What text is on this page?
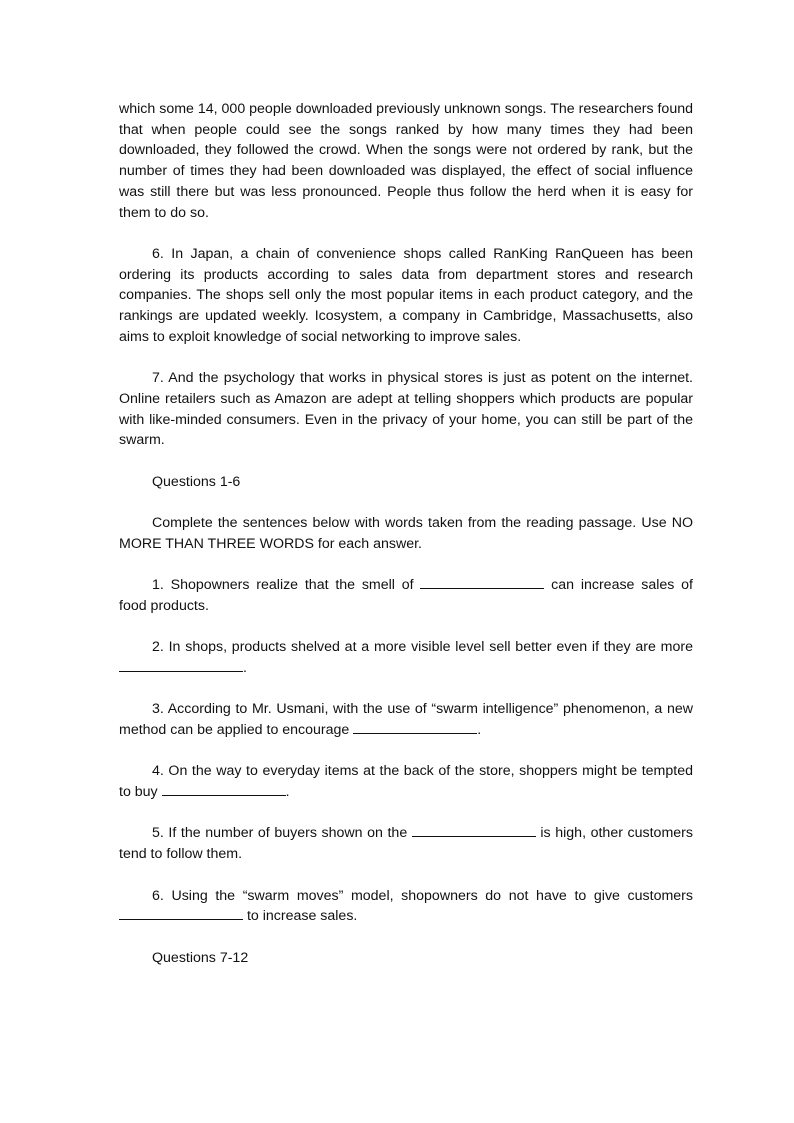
which some 14, 000 people downloaded previously unknown songs. The researchers found that when people could see the songs ranked by how many times they had been downloaded, they followed the crowd. When the songs were not ordered by rank, but the number of times they had been downloaded was displayed, the effect of social influence was still there but was less pronounced. People thus follow the herd when it is easy for them to do so.

6. In Japan, a chain of convenience shops called RanKing RanQueen has been ordering its products according to sales data from department stores and research companies. The shops sell only the most popular items in each product category, and the rankings are updated weekly. Icosystem, a company in Cambridge, Massachusetts, also aims to exploit knowledge of social networking to improve sales.

7. And the psychology that works in physical stores is just as potent on the internet. Online retailers such as Amazon are adept at telling shoppers which products are popular with like-minded consumers. Even in the privacy of your home, you can still be part of the swarm.

Questions 1-6

Complete the sentences below with words taken from the reading passage. Use NO MORE THAN THREE WORDS for each answer.

1. Shopowners realize that the smell of	can increase sales of food products.

2. In shops, products shelved at a more visible level sell better even if they are more .

3. According to Mr. Usmani, with the use of “swarm intelligence” phenomenon, a new method can be applied to encourage	.

4. On the way to everyday items at the back of the store, shoppers might be tempted to buy	.

5. If the number of buyers shown on the	is high, other customers tend to follow them.

6. Using the “swarm moves” model, shopowners do not have to give customers  to increase sales.

Questions 7-12
